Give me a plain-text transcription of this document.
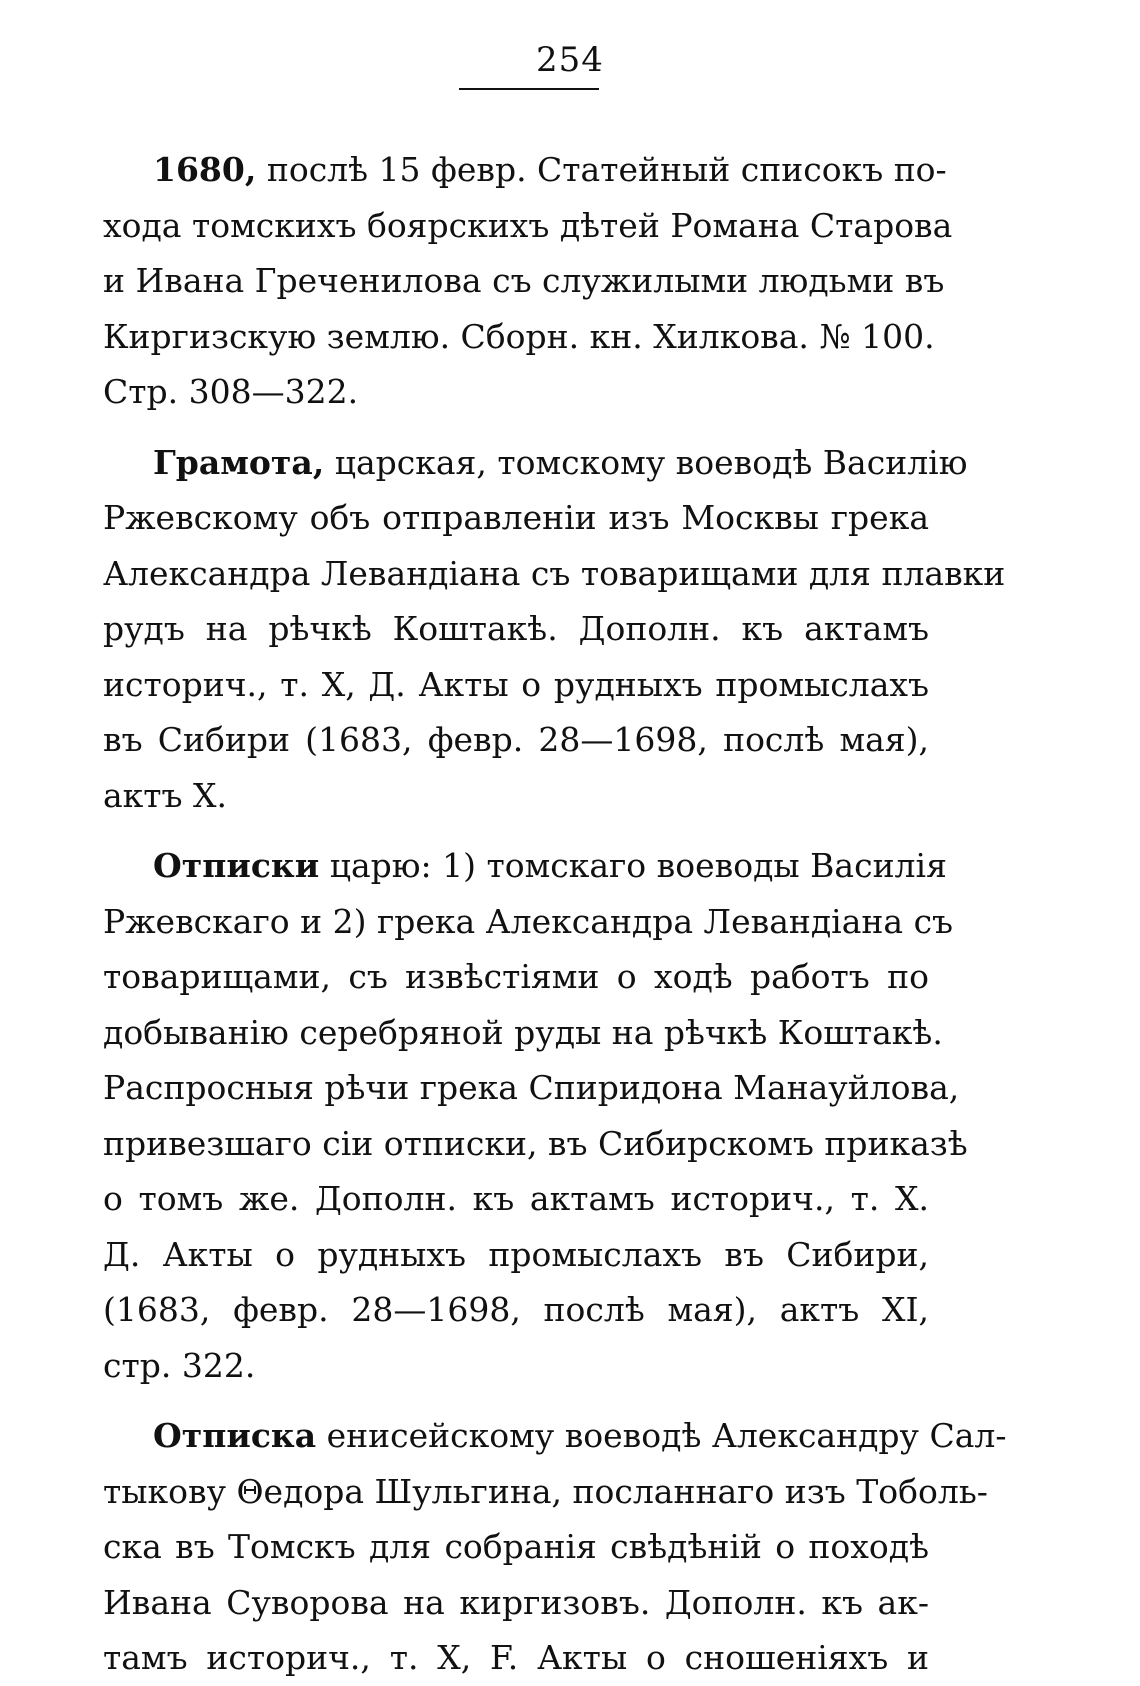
254
1680, послѣ 15 февр. Статейный списокъ по-
хода томскихъ боярскихъ дѣтей Романа Старова
и Ивана Греченилова съ служилыми людьми въ
Киргизскую землю. Сборн. кн. Хилкова. № 100.
Стр. 308—322.
Грамота, царская, томскому воеводѣ Василію
Ржевскому объ отправленіи изъ Москвы грека
Александра Левандіана съ товарищами для плавки
рудъ на рѣчкѣ Коштакѣ. Дополн. къ актамъ
историч., т. X, Д. Акты о рудныхъ промыслахъ
въ Сибири (1683, февр. 28—1698, послѣ мая),
актъ X.
Отписки царю: 1) томскаго воеводы Василія
Ржевскаго и 2) грека Александра Левандіана съ
товарищами, съ извѣстіями о ходѣ работъ по
добыванію серебряной руды на рѣчкѣ Коштакѣ.
Распросныя рѣчи грека Спиридона Манауйлова,
привезшаго сіи отписки, въ Сибирскомъ приказѣ
о томъ же. Дополн. къ актамъ историч., т. X.
Д. Акты о рудныхъ промыслахъ въ Сибири,
(1683, февр. 28—1698, послѣ мая), актъ XI,
стр. 322.
Отписка енисейскому воеводѣ Александру Сал-
тыкову Θедора Шульгина, посланнаго изъ Тоболь-
ска въ Томскъ для собранія свѣдѣній о походѣ
Ивана Суворова на киргизовъ. Дополн. къ ак-
тамъ историч., т. X, F. Акты о сношеніяхъ и
